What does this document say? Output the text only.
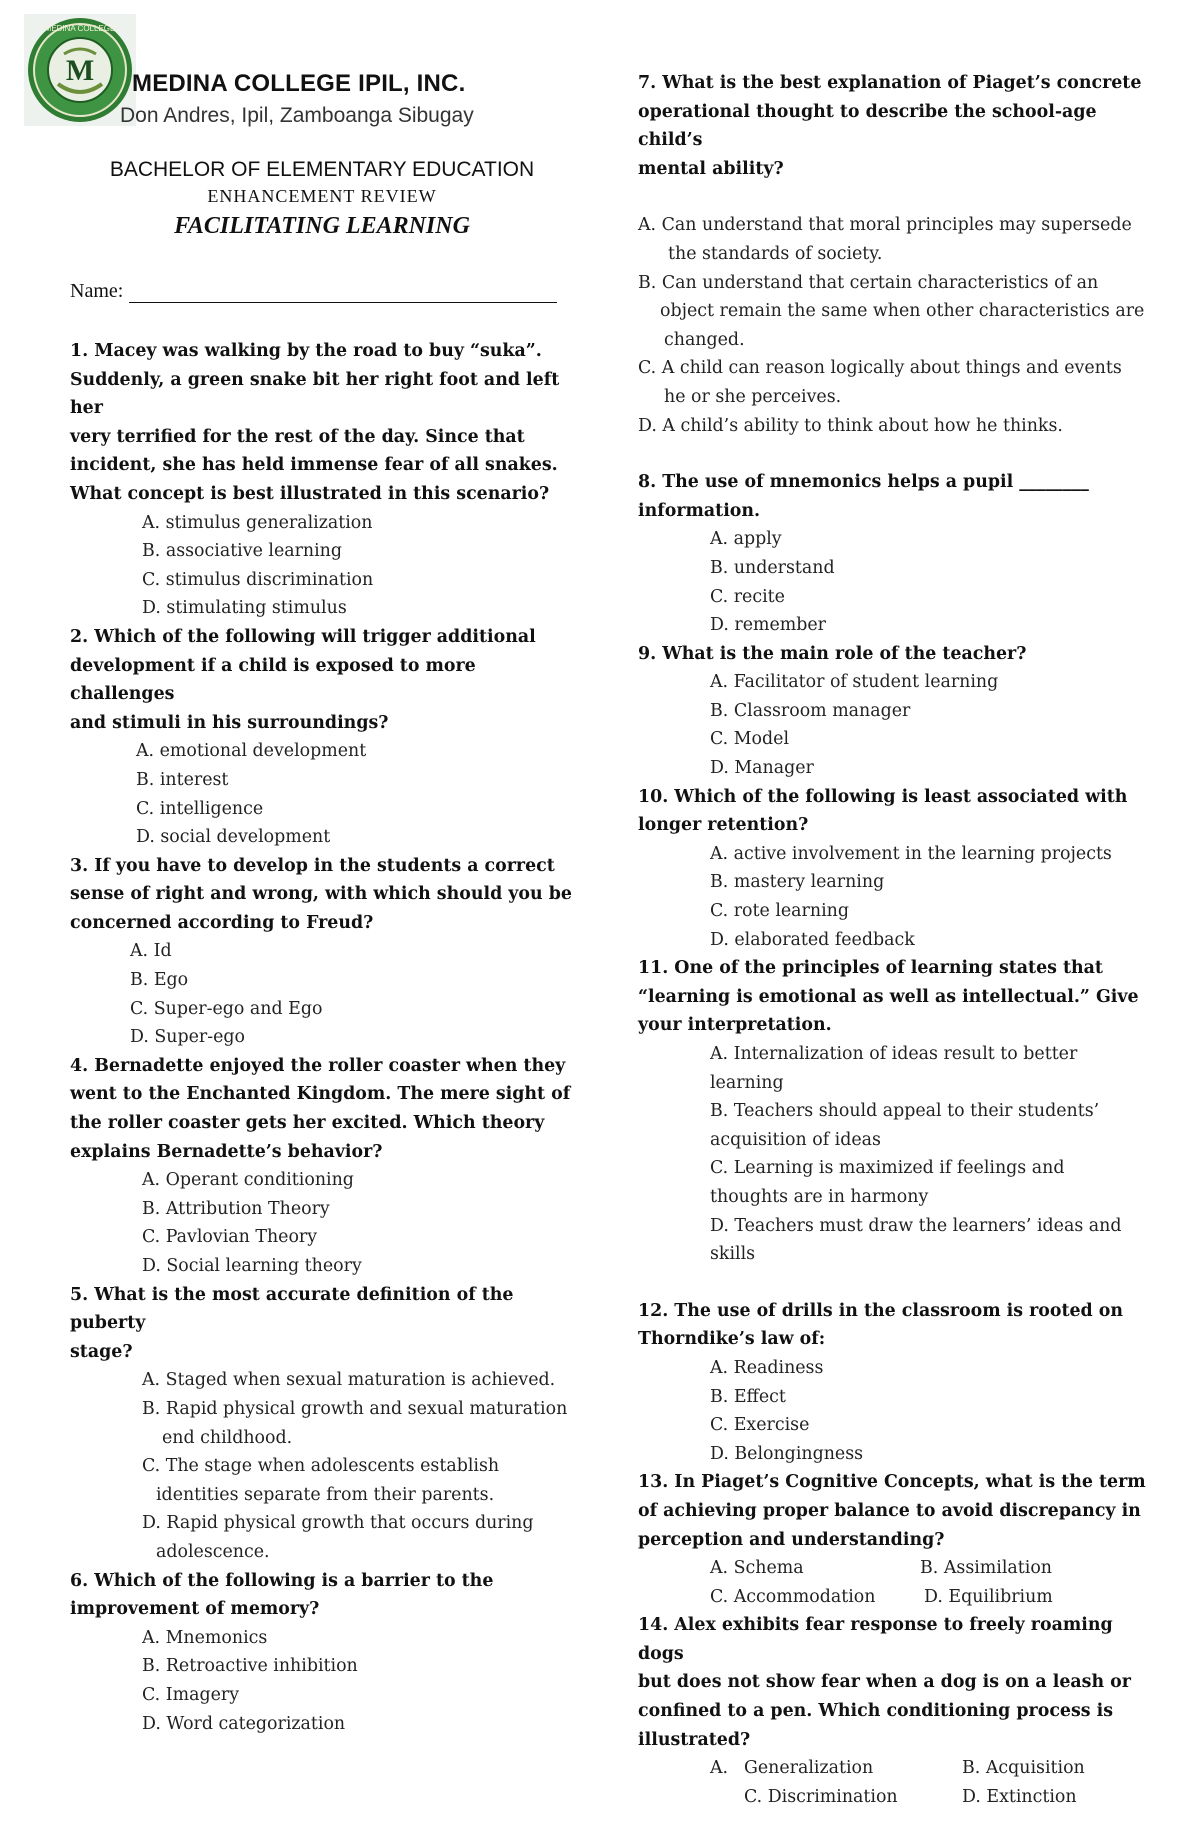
M
MEDINA COLLEGE
MEDINA COLLEGE IPIL, INC.
Don Andres, Ipil, Zamboanga Sibugay
BACHELOR OF ELEMENTARY EDUCATION
ENHANCEMENT REVIEW
FACILITATING LEARNING
Name:
1. Macey was walking by the road to buy “suka”.
Suddenly, a green snake bit her right foot and left her
very terrified for the rest of the day. Since that
incident, she has held immense fear of all snakes.
What concept is best illustrated in this scenario?
A. stimulus generalization
B. associative learning
C. stimulus discrimination
D. stimulating stimulus
2. Which of the following will trigger additional
development if a child is exposed to more challenges
and stimuli in his surroundings?
A. emotional development
B. interest
C. intelligence
D. social development
3. If you have to develop in the students a correct
sense of right and wrong, with which should you be
concerned according to Freud?
A. Id
B. Ego
C. Super-ego and Ego
D. Super-ego
4. Bernadette enjoyed the roller coaster when they
went to the Enchanted Kingdom. The mere sight of
the roller coaster gets her excited. Which theory
explains Bernadette’s behavior?
A. Operant conditioning
B. Attribution Theory
C. Pavlovian Theory
D. Social learning theory
5. What is the most accurate definition of the puberty
stage?
A. Staged when sexual maturation is achieved.
B. Rapid physical growth and sexual maturation
end childhood.
C. The stage when adolescents establish
identities separate from their parents.
D. Rapid physical growth that occurs during
adolescence.
6. Which of the following is a barrier to the
improvement of memory?
A. Mnemonics
B. Retroactive inhibition
C. Imagery
D. Word categorization
7. What is the best explanation of Piaget’s concrete
operational thought to describe the school-age child’s
mental ability?
A. Can understand that moral principles may supersede
the standards of society.
B. Can understand that certain characteristics of an
object remain the same when other characteristics are
changed.
C. A child can reason logically about things and events
he or she perceives.
D. A child’s ability to think about how he thinks.
8. The use of mnemonics helps a pupil ________
information.
A. apply
B. understand
C. recite
D. remember
9. What is the main role of the teacher?
A. Facilitator of student learning
B. Classroom manager
C. Model
D. Manager
10. Which of the following is least associated with
longer retention?
A. active involvement in the learning projects
B. mastery learning
C. rote learning
D. elaborated feedback
11. One of the principles of learning states that
“learning is emotional as well as intellectual.” Give
your interpretation.
A. Internalization of ideas result to better
learning
B. Teachers should appeal to their students’
acquisition of ideas
C. Learning is maximized if feelings and
thoughts are in harmony
D. Teachers must draw the learners’ ideas and
skills
12. The use of drills in the classroom is rooted on
Thorndike’s law of:
A. Readiness
B. Effect
C. Exercise
D. Belongingness
13. In Piaget’s Cognitive Concepts, what is the term
of achieving proper balance to avoid discrepancy in
perception and understanding?
A. Schema	B. Assimilation
C. Accommodation	D. Equilibrium
14. Alex exhibits fear response to freely roaming dogs
but does not show fear when a dog is on a leash or
confined to a pen. Which conditioning process is
illustrated?
A. Generalization	B. Acquisition
C. Discrimination	D. Extinction
